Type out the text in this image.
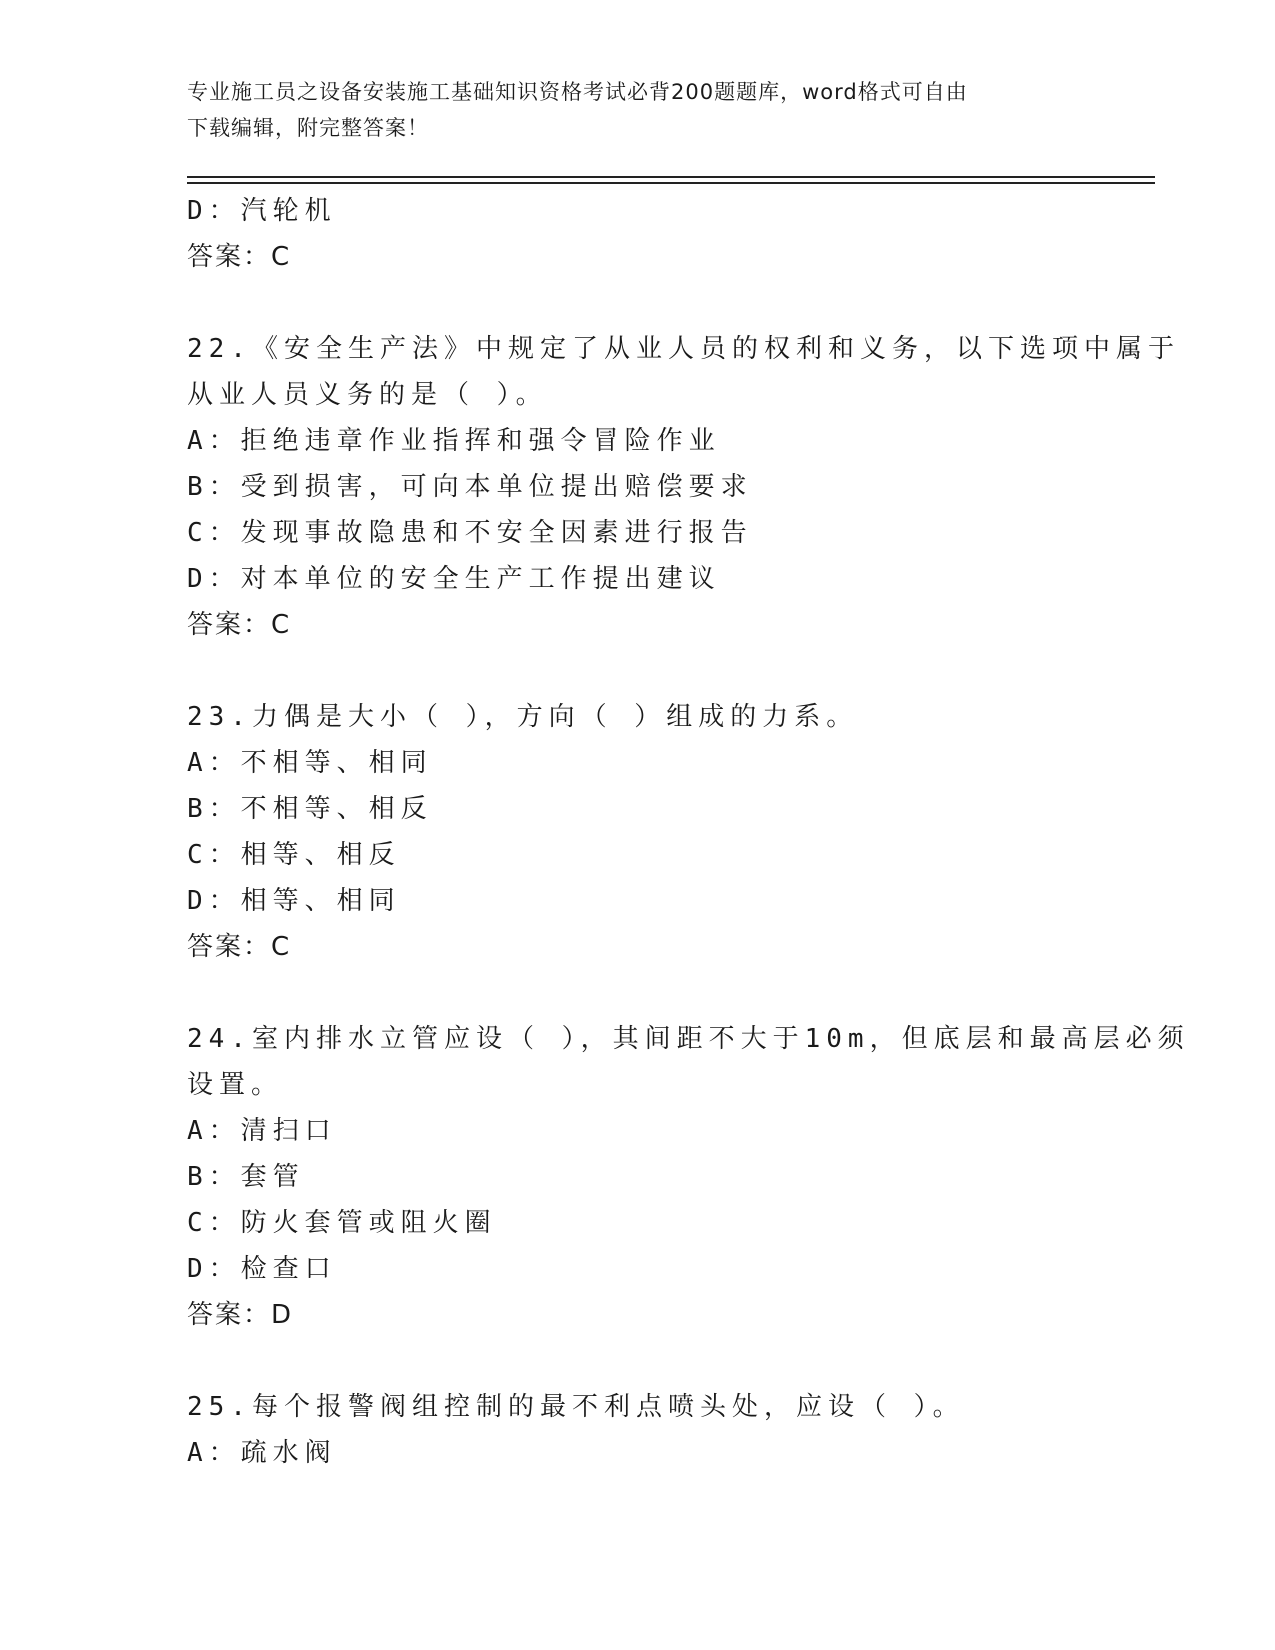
专业施工员之设备安装施工基础知识资格考试必背200题题库，word格式可自由
下载编辑，附完整答案！
D：汽轮机
答案：C
22.《安全生产法》中规定了从业人员的权利和义务，以下选项中属于
从业人员义务的是（ ）。
A：拒绝违章作业指挥和强令冒险作业
B：受到损害，可向本单位提出赔偿要求
C：发现事故隐患和不安全因素进行报告
D：对本单位的安全生产工作提出建议
答案：C
23.力偶是大小（ ），方向（ ）组成的力系。
A：不相等、相同
B：不相等、相反
C：相等、相反
D：相等、相同
答案：C
24.室内排水立管应设（ ），其间距不大于10m，但底层和最高层必须
设置。
A：清扫口
B：套管
C：防火套管或阻火圈
D：检查口
答案：D
25.每个报警阀组控制的最不利点喷头处，应设（ ）。
A：疏水阀
